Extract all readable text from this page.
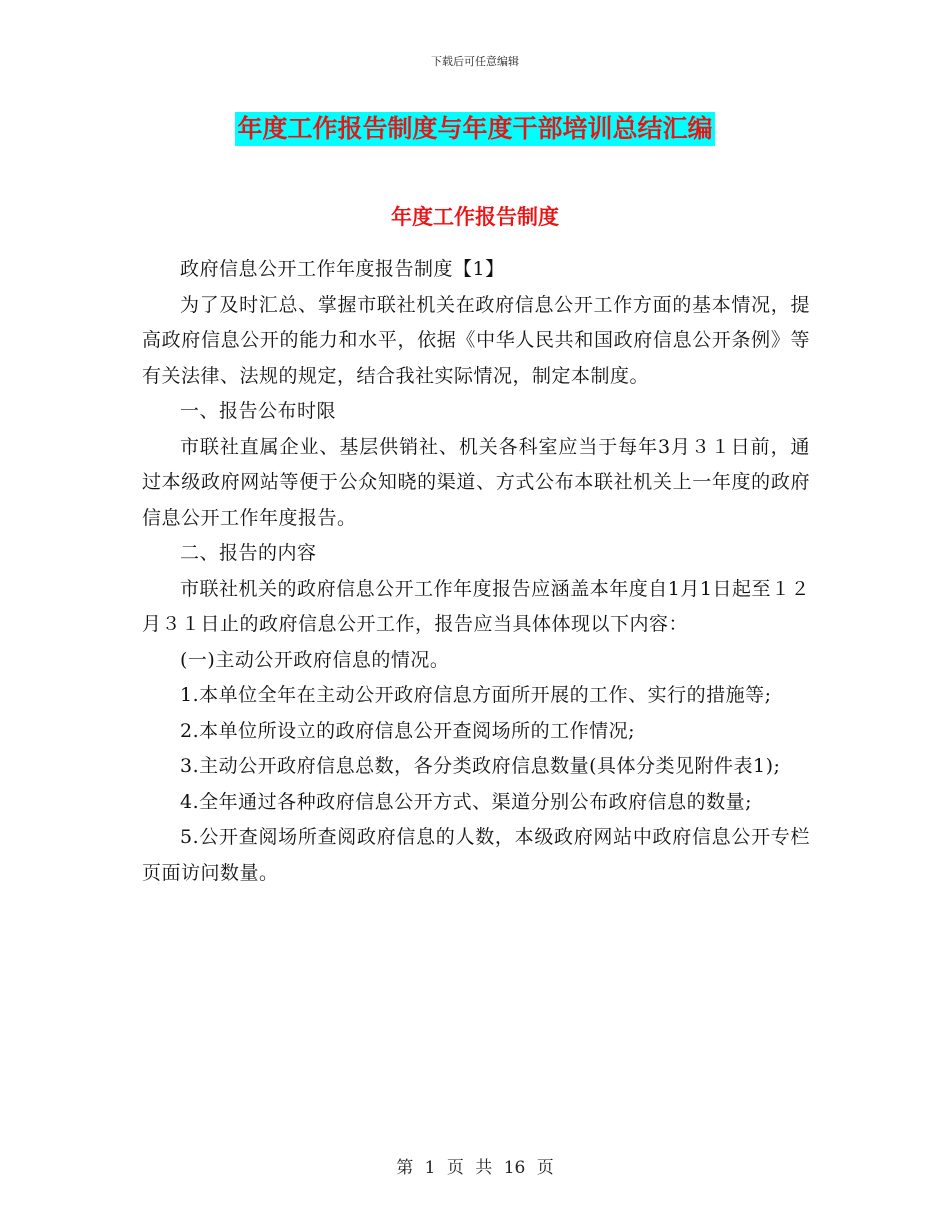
下载后可任意编辑
年度工作报告制度与年度干部培训总结汇编
年度工作报告制度

政府信息公开工作年度报告制度【1】

为了及时汇总、掌握市联社机关在政府信息公开工作方面的基本情况，提高政府信息公开的能力和水平，依据《中华人民共和国政府信息公开条例》等有关法律、法规的规定，结合我社实际情况，制定本制度。

一、报告公布时限

市联社直属企业、基层供销社、机关各科室应当于每年3月３１日前，通过本级政府网站等便于公众知晓的渠道、方式公布本联社机关上一年度的政府信息公开工作年度报告。

二、报告的内容

市联社机关的政府信息公开工作年度报告应涵盖本年度自1月1日起至１２月３１日止的政府信息公开工作，报告应当具体体现以下内容：

(一)主动公开政府信息的情况。

1.本单位全年在主动公开政府信息方面所开展的工作、实行的措施等;

2.本单位所设立的政府信息公开查阅场所的工作情况;

3.主动公开政府信息总数，各分类政府信息数量(具体分类见附件表1);

4.全年通过各种政府信息公开方式、渠道分别公布政府信息的数量;

5.公开查阅场所查阅政府信息的人数，本级政府网站中政府信息公开专栏页面访问数量。

第 1 页 共 16 页
